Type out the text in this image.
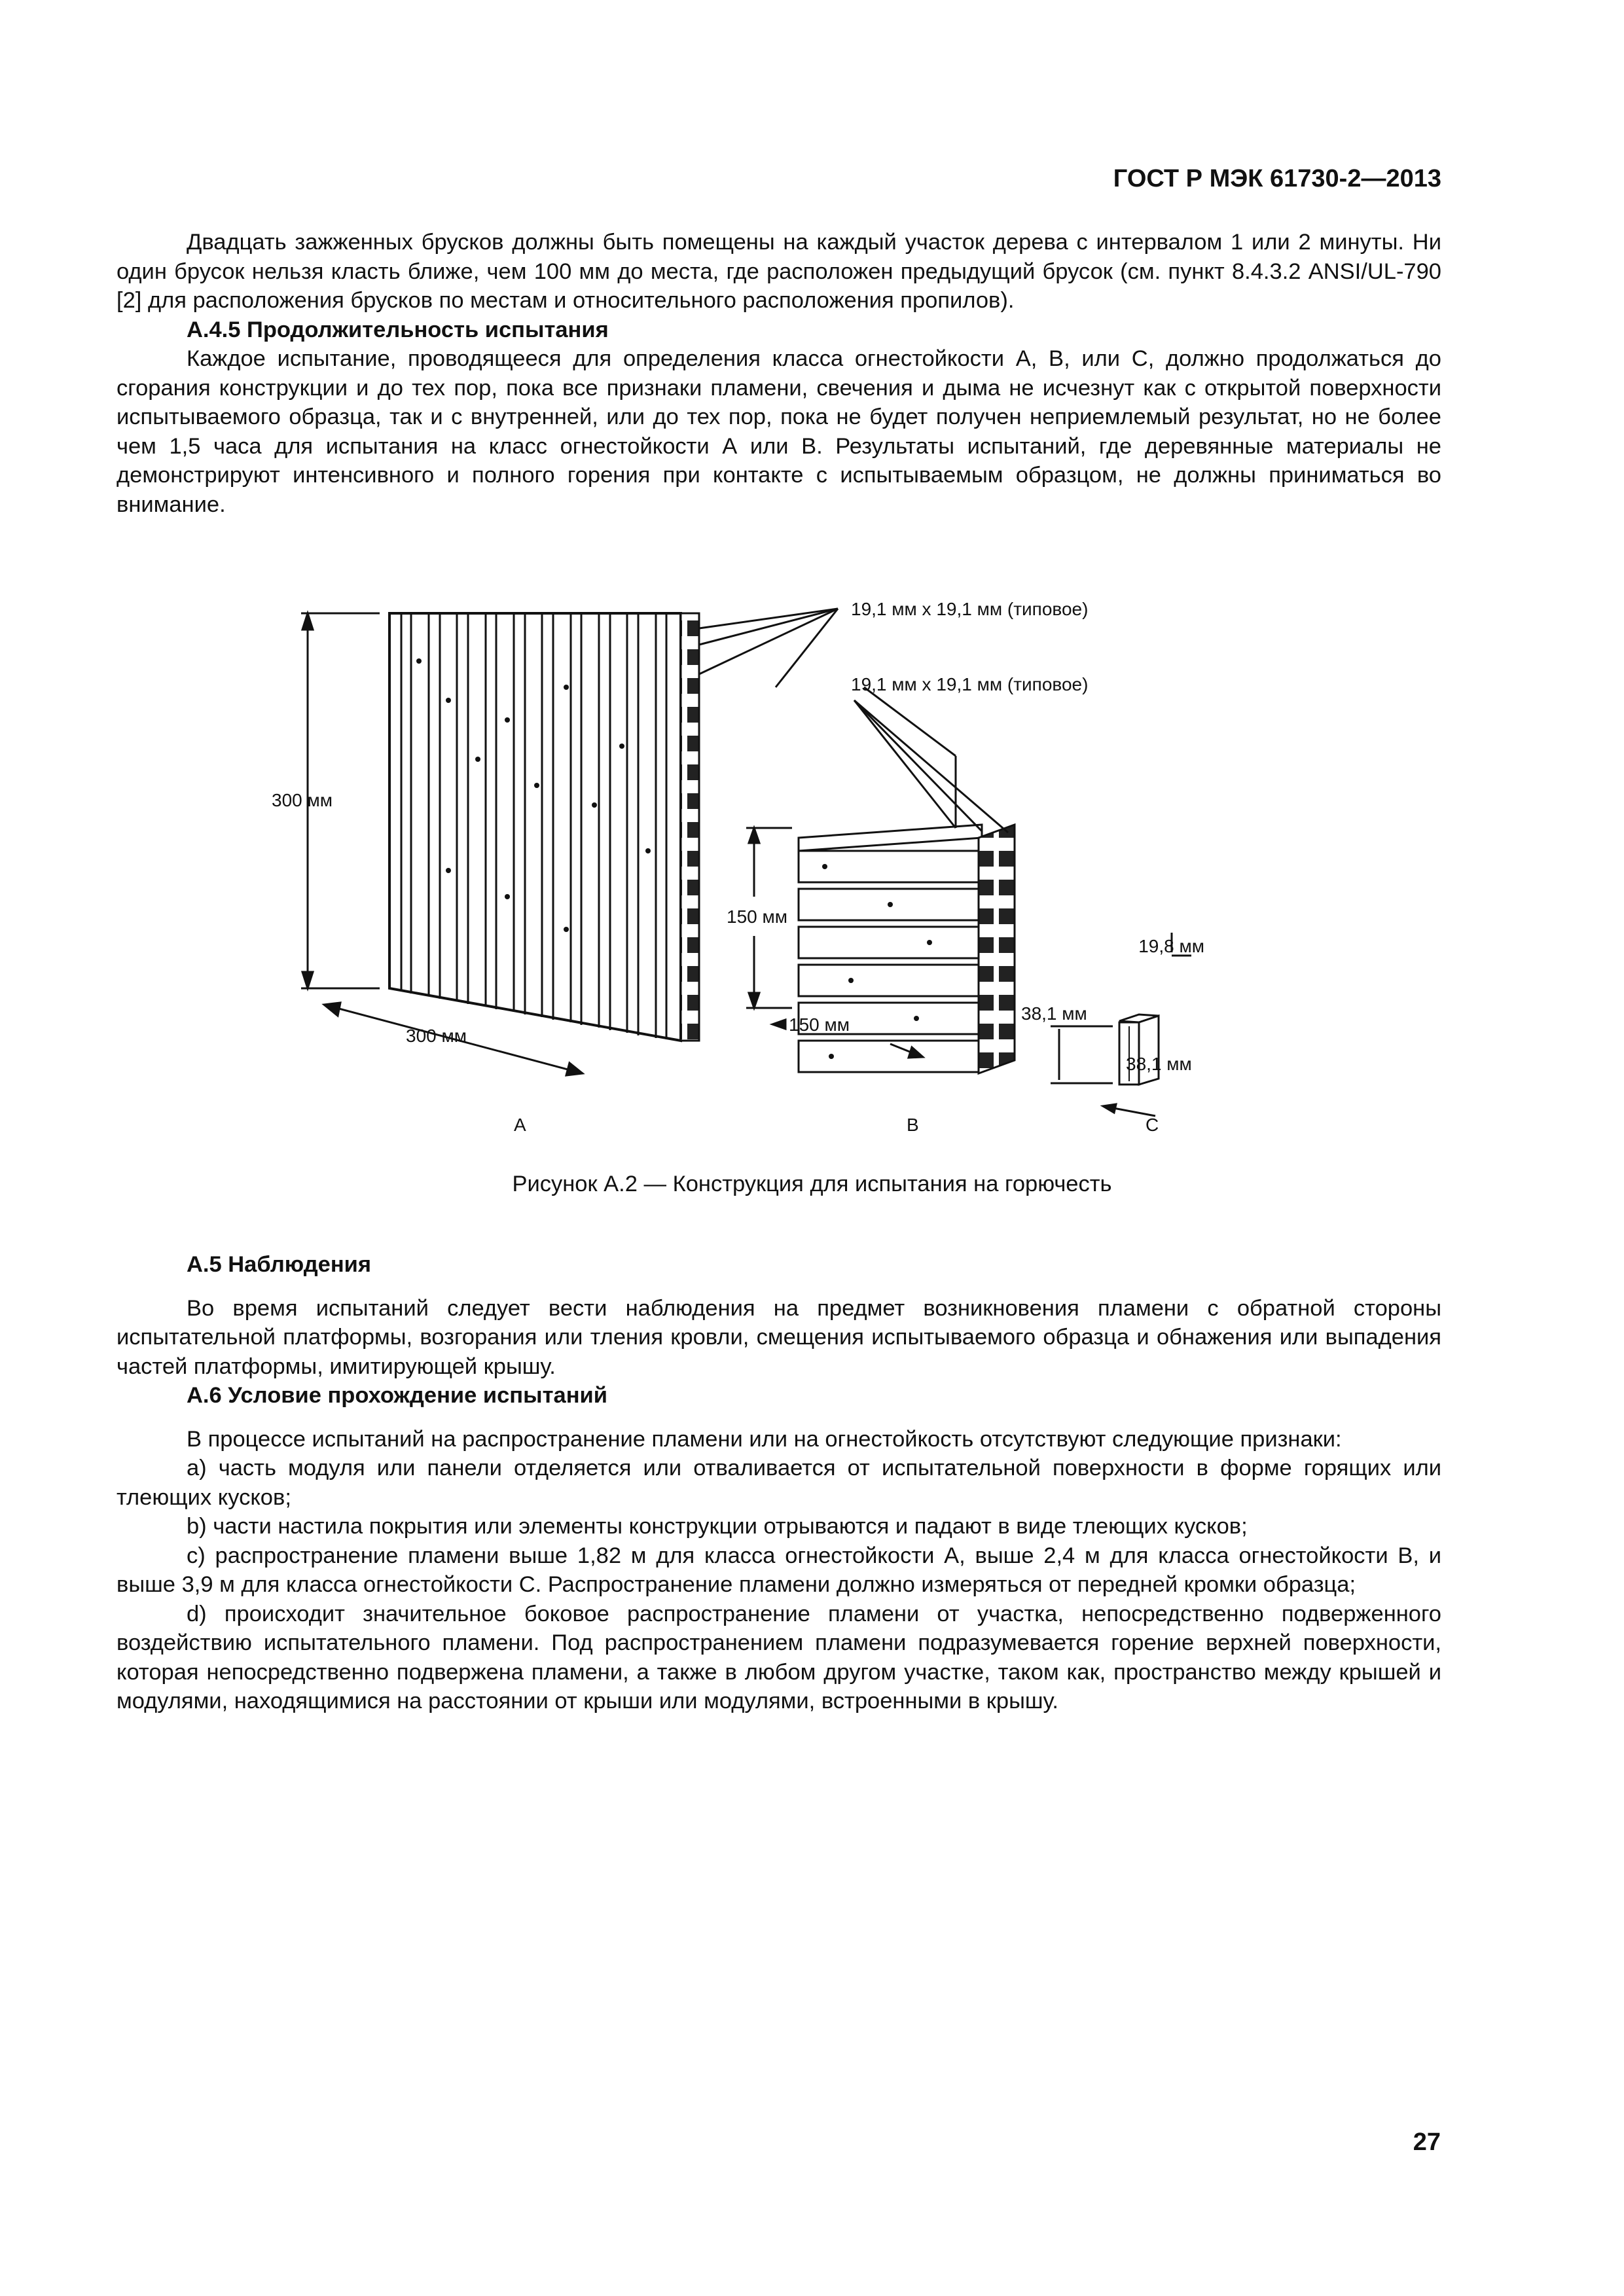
ГОСТ Р МЭК 61730-2—2013

Двадцать зажженных брусков должны быть помещены на каждый участок дерева с интервалом 1 или 2 минуты. Ни один брусок нельзя класть ближе, чем 100 мм до места, где расположен предыдущий брусок (см. пункт 8.4.3.2 ANSI/UL-790 [2] для расположения брусков по местам и относительного расположения пропилов).

А.4.5 Продолжительность испытания

Каждое испытание, проводящееся для определения класса огнестойкости А, В, или С, должно продолжаться до сгорания конструкции и до тех пор, пока все признаки пламени, свечения и дыма не исчезнут как с открытой поверхности испытываемого образца, так и с внутренней, или до тех пор, пока не будет получен неприемлемый результат, но не более чем 1,5 часа для испытания на класс огнестойкости А или В. Результаты испытаний, где деревянные материалы не демонстрируют интенсивного и полного горения при контакте с испытываемым образцом, не должны приниматься во внимание.

19,1 мм х 19,1 мм (типовое)
19,1 мм х 19,1 мм (типовое)
300 мм
300 мм
150 мм
150 мм
19,8 мм
38,1 мм
38,1 мм
А	В	С
Рисунок А.2 — Конструкция для испытания на горючесть

А.5 Наблюдения

Во время испытаний следует вести наблюдения на предмет возникновения пламени с обратной стороны испытательной платформы, возгорания или тления кровли, смещения испытываемого образца и обнажения или выпадения частей платформы, имитирующей крышу.

А.6 Условие прохождение испытаний

В процессе испытаний на распространение пламени или на огнестойкость отсутствуют следующие признаки:

a) часть модуля или панели отделяется или отваливается от испытательной поверхности в форме горящих или тлеющих кусков;

b) части настила покрытия или элементы конструкции отрываются и падают в виде тлеющих кусков;

c) распространение пламени выше 1,82 м для класса огнестойкости А, выше 2,4 м для класса огнестойкости В, и выше 3,9 м для класса огнестойкости С. Распространение пламени должно измеряться от передней кромки образца;

d) происходит значительное боковое распространение пламени от участка, непосредственно подверженного воздействию испытательного пламени. Под распространением пламени подразумевается горение верхней поверхности, которая непосредственно подвержена пламени, а также в любом другом участке, таком как, пространство между крышей и модулями, находящимися на расстоянии от крыши или модулями, встроенными в крышу.

27
